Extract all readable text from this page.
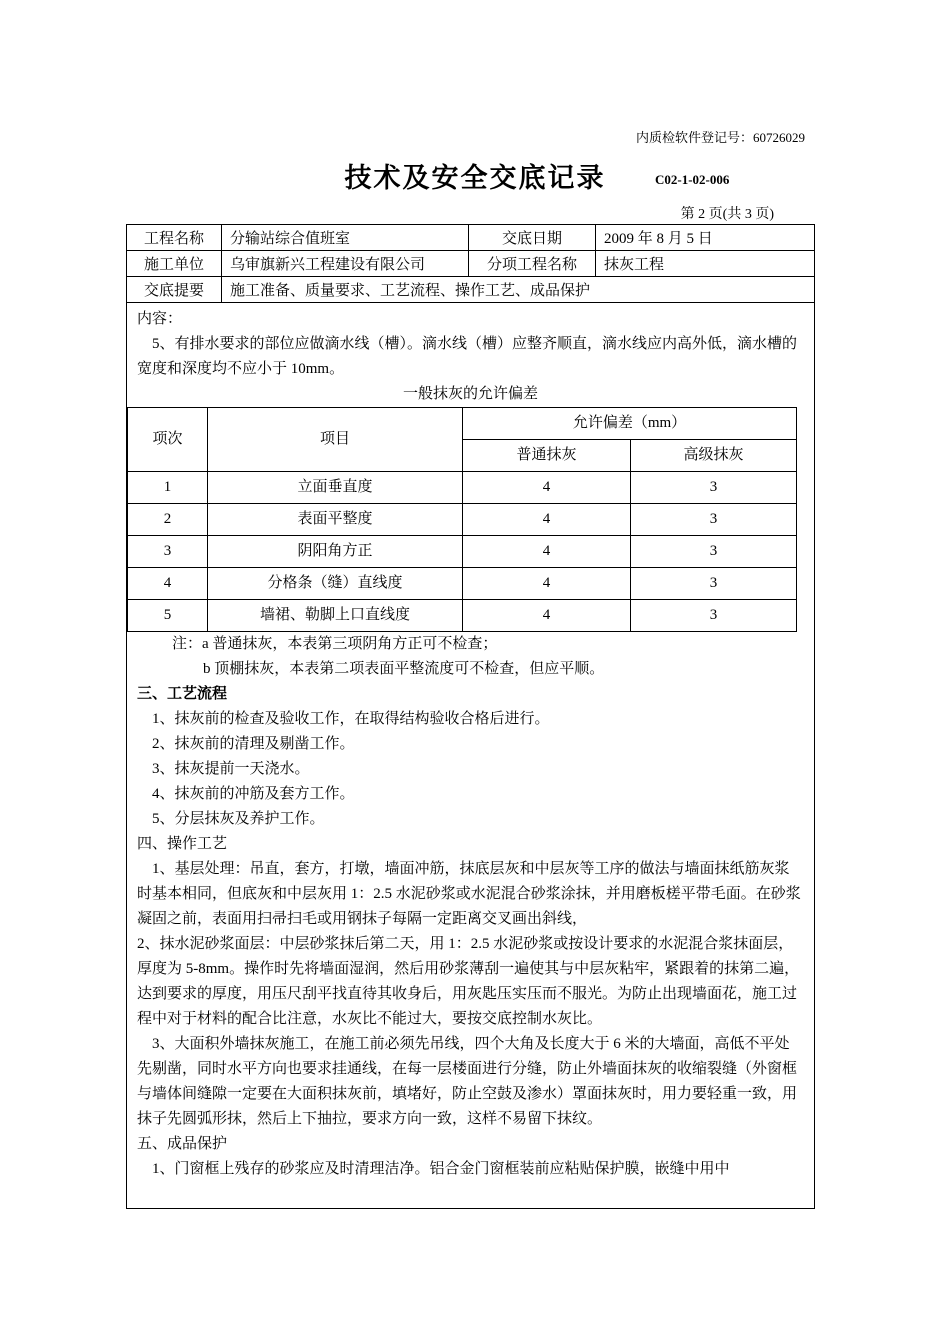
内质检软件登记号：60726029
技术及安全交底记录	C02-1-02-006
第 2 页(共 3 页)
工程名称	分输站综合值班室	交底日期	2009 年 8 月 5 日
施工单位	乌审旗新兴工程建设有限公司	分项工程名称	抹灰工程
交底提要	施工准备、质量要求、工艺流程、操作工艺、成品保护		

内容：

5、有排水要求的部位应做滴水线（槽）。滴水线（槽）应整齐顺直，滴水线应内高外低，滴水槽的宽度和深度均不应小于 10mm。

一般抹灰的允许偏差

项次	项目	允许偏差（mm）	
		普通抹灰	高级抹灰
1	立面垂直度	4	3
2	表面平整度	4	3
3	阴阳角方正	4	3
4	分格条（缝）直线度	4	3
5	墙裙、勒脚上口直线度	4	3

注：a 普通抹灰，本表第三项阴角方正可不检查；

b 顶棚抹灰，本表第二项表面平整流度可不检查，但应平顺。

三、工艺流程

1、抹灰前的检查及验收工作，在取得结构验收合格后进行。

2、抹灰前的清理及剔凿工作。

3、抹灰提前一天浇水。

4、抹灰前的冲筋及套方工作。

5、分层抹灰及养护工作。

四、操作工艺

1、基层处理：吊直，套方，打墩，墙面冲筋，抹底层灰和中层灰等工序的做法与墙面抹纸筋灰浆时基本相同，但底灰和中层灰用 1：2.5 水泥砂浆或水泥混合砂浆涂抹，并用磨板槎平带毛面。在砂浆凝固之前，表面用扫帚扫毛或用钢抹子每隔一定距离交叉画出斜线，

2、抹水泥砂浆面层：中层砂浆抹后第二天，用 1：2.5 水泥砂浆或按设计要求的水泥混合浆抹面层，厚度为 5-8mm。操作时先将墙面湿润，然后用砂浆薄刮一遍使其与中层灰粘牢，紧跟着的抹第二遍，达到要求的厚度，用压尺刮平找直待其收身后，用灰匙压实压而不服光。为防止出现墙面花，施工过程中对于材料的配合比注意，水灰比不能过大，要按交底控制水灰比。

3、大面积外墙抹灰施工，在施工前必须先吊线，四个大角及长度大于 6 米的大墙面，高低不平处先剔凿，同时水平方向也要求挂通线，在每一层楼面进行分缝，防止外墙面抹灰的收缩裂缝（外窗框与墙体间缝隙一定要在大面积抹灰前，填堵好，防止空鼓及渗水）罩面抹灰时，用力要轻重一致，用抹子先圆弧形抹，然后上下抽拉，要求方向一致，这样不易留下抹纹。

五、成品保护

1、门窗框上残存的砂浆应及时清理洁净。铝合金门窗框装前应粘贴保护膜，嵌缝中用中
